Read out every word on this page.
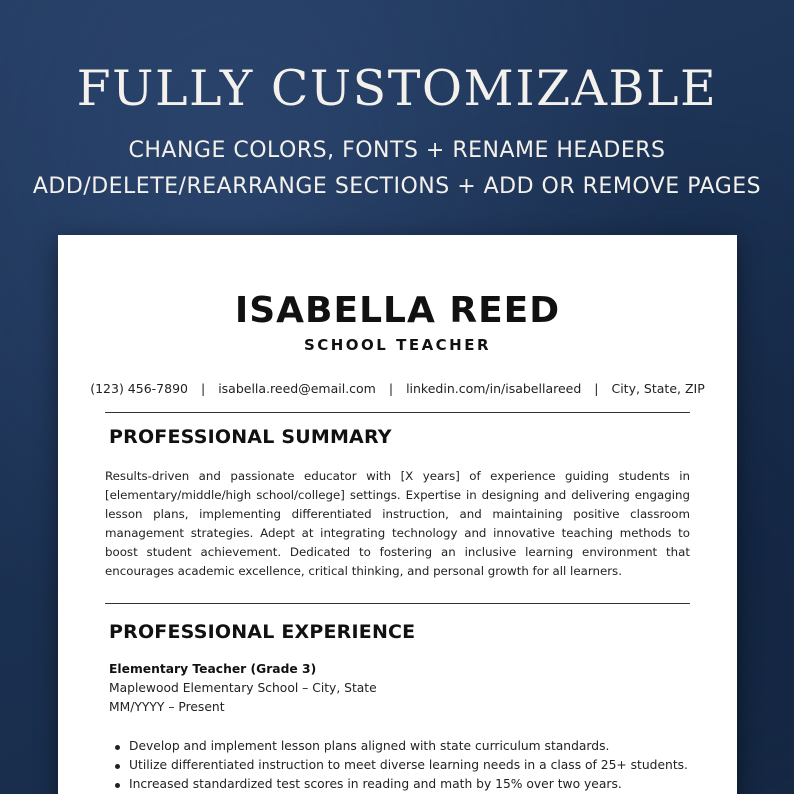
FULLY CUSTOMIZABLE
CHANGE COLORS, FONTS + RENAME HEADERS
ADD/DELETE/REARRANGE SECTIONS + ADD OR REMOVE PAGES
ISABELLA REED
SCHOOL TEACHER
(123) 456-7890 | isabella.reed@email.com | linkedin.com/in/isabellareed | City, State, ZIP
PROFESSIONAL SUMMARY

Results-driven and passionate educator with [X years] of experience guiding students in [elementary/middle/high school/college] settings. Expertise in designing and delivering engaging lesson plans, implementing differentiated instruction, and maintaining positive classroom management strategies. Adept at integrating technology and innovative teaching methods to boost student achievement. Dedicated to fostering an inclusive learning environment that encourages academic excellence, critical thinking, and personal growth for all learners.

PROFESSIONAL EXPERIENCE
Elementary Teacher (Grade 3)
Maplewood Elementary School – City, State
MM/YYYY – Present
Develop and implement lesson plans aligned with state curriculum standards.
Utilize differentiated instruction to meet diverse learning needs in a class of 25+ students.
Increased standardized test scores in reading and math by 15% over two years.
